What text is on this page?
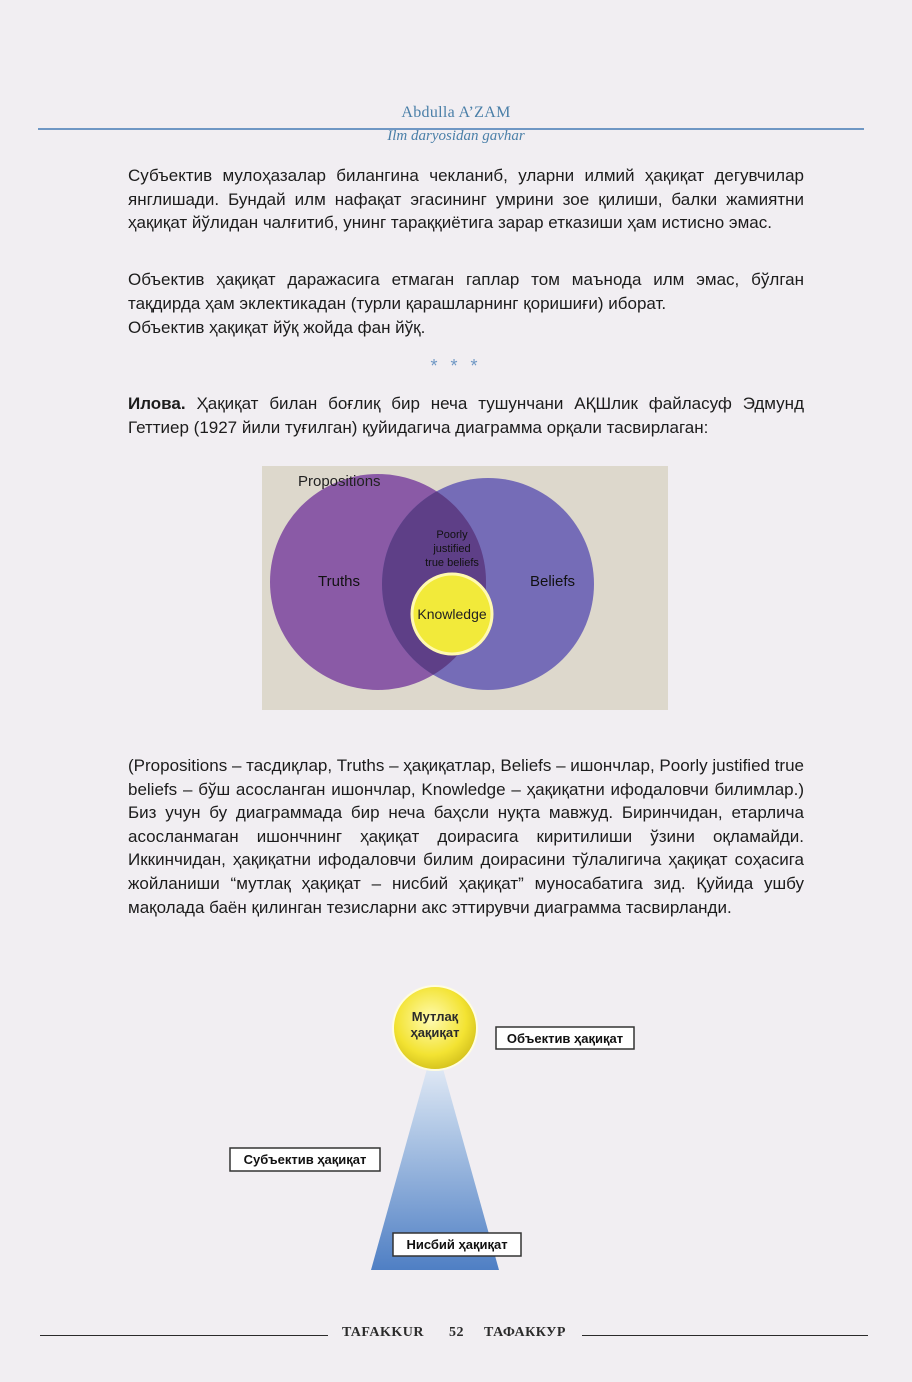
Abdulla A’ZAM
Ilm daryosidan gavhar

Субъектив мулоҳазалар билангина чекланиб, уларни илмий ҳақиқат дегувчилар янглишади. Бундай илм нафақат эгасининг умрини зое қилиши, балки жамиятни ҳақиқат йўлидан чалғитиб, унинг тараққиётига зарар етказиши ҳам истисно эмас.

Объектив ҳақиқат даражасига етмаган гаплар том маънода илм эмас, бўлган тақдирда ҳам эклектикадан (турли қарашларнинг қоришиғи) иборат.

Объектив ҳақиқат йўқ жойда фан йўқ.

* * *

Илова. Ҳақиқат билан боғлиқ бир неча тушунчани АҚШлик файласуф Эдмунд Геттиер (1927 йили туғилган) қуйидагича диаграмма орқали тасвирлаган:

Propositions
Truths	Beliefs
Poorly
justified
true beliefs
Knowledge

(Propositions – тасдиқлар, Truths – ҳақиқатлар, Beliefs – ишончлар, Poorly justified true beliefs – бўш асосланган ишончлар, Knowledge – ҳақиқатни ифодаловчи билимлар.) Биз учун бу диаграммада бир неча баҳсли нуқта мавжуд. Биринчидан, етарлича асосланмаган ишончнинг ҳақиқат доирасига киритилиши ўзини оқламайди. Иккинчидан, ҳақиқатни ифодаловчи билим доирасини тўлалигича ҳақиқат соҳасига жойланиши “мутлақ ҳақиқат – нисбий ҳақиқат” муносабатига зид. Қуйида ушбу мақолада баён қилинган тезисларни акс эттирувчи диаграмма тасвирланди.

Мутлақ
ҳақиқат	Объектив ҳақиқат
Субъектив ҳақиқат
Нисбий ҳақиқат
TAFAKKUR 52 ТАФАККУР
